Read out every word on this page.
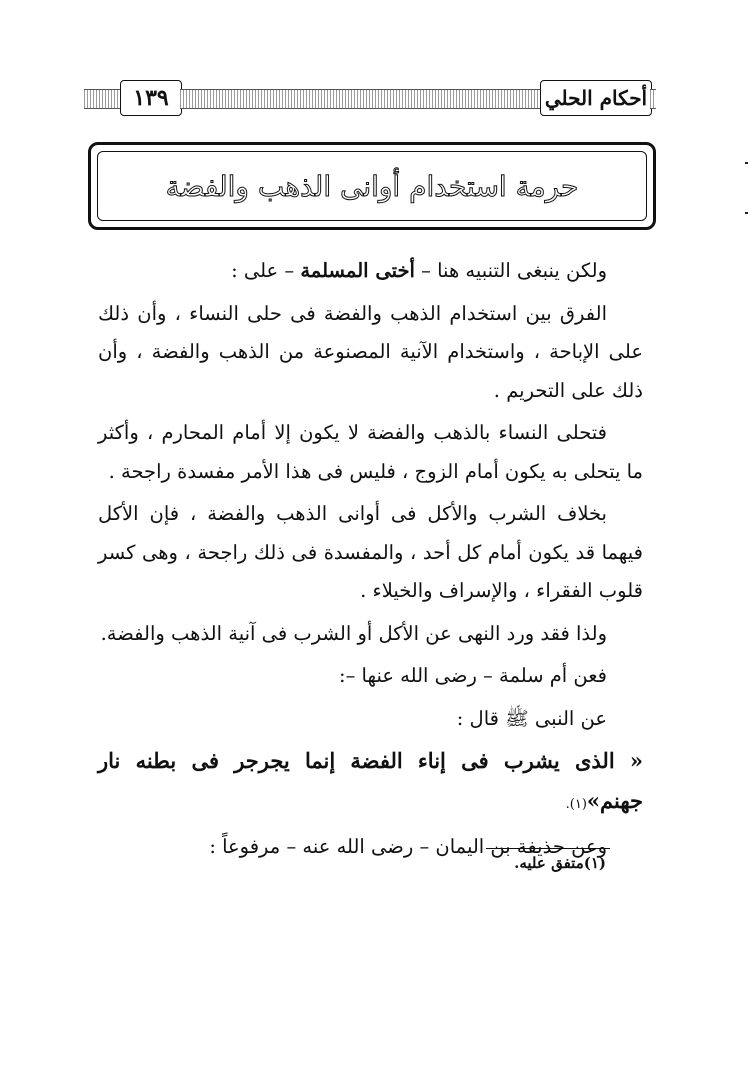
١٣٩	أحكام الحلي
حرمة استخدام أوانى الذهب والفضة

ولكن ينبغى التنبيه هنا – أختى المسلمة – على :

الفرق بين استخدام الذهب والفضة فى حلى النساء ، وأن ذلك على الإباحة ، واستخدام الآنية المصنوعة من الذهب والفضة ، وأن ذلك على التحريم .

فتحلى النساء بالذهب والفضة لا يكون إلا أمام المحارم ، وأكثر ما يتحلى به يكون أمام الزوج ، فليس فى هذا الأمر مفسدة راجحة .

بخلاف الشرب والأكل فى أوانى الذهب والفضة ، فإن الأكل فيهما قد يكون أمام كل أحد ، والمفسدة فى ذلك راجحة ، وهى كسر قلوب الفقراء ، والإسراف والخيلاء .

ولذا فقد ورد النهى عن الأكل أو الشرب فى آنية الذهب والفضة.

فعن أم سلمة – رضى الله عنها –:

عن النبى ﷺ قال :

« الذى يشرب فى إناء الفضة إنما يجرجر فى بطنه نار جهنم»(١).

وعن حذيفة بن اليمان – رضى الله عنه – مرفوعاً :

(١)متفق عليه.
